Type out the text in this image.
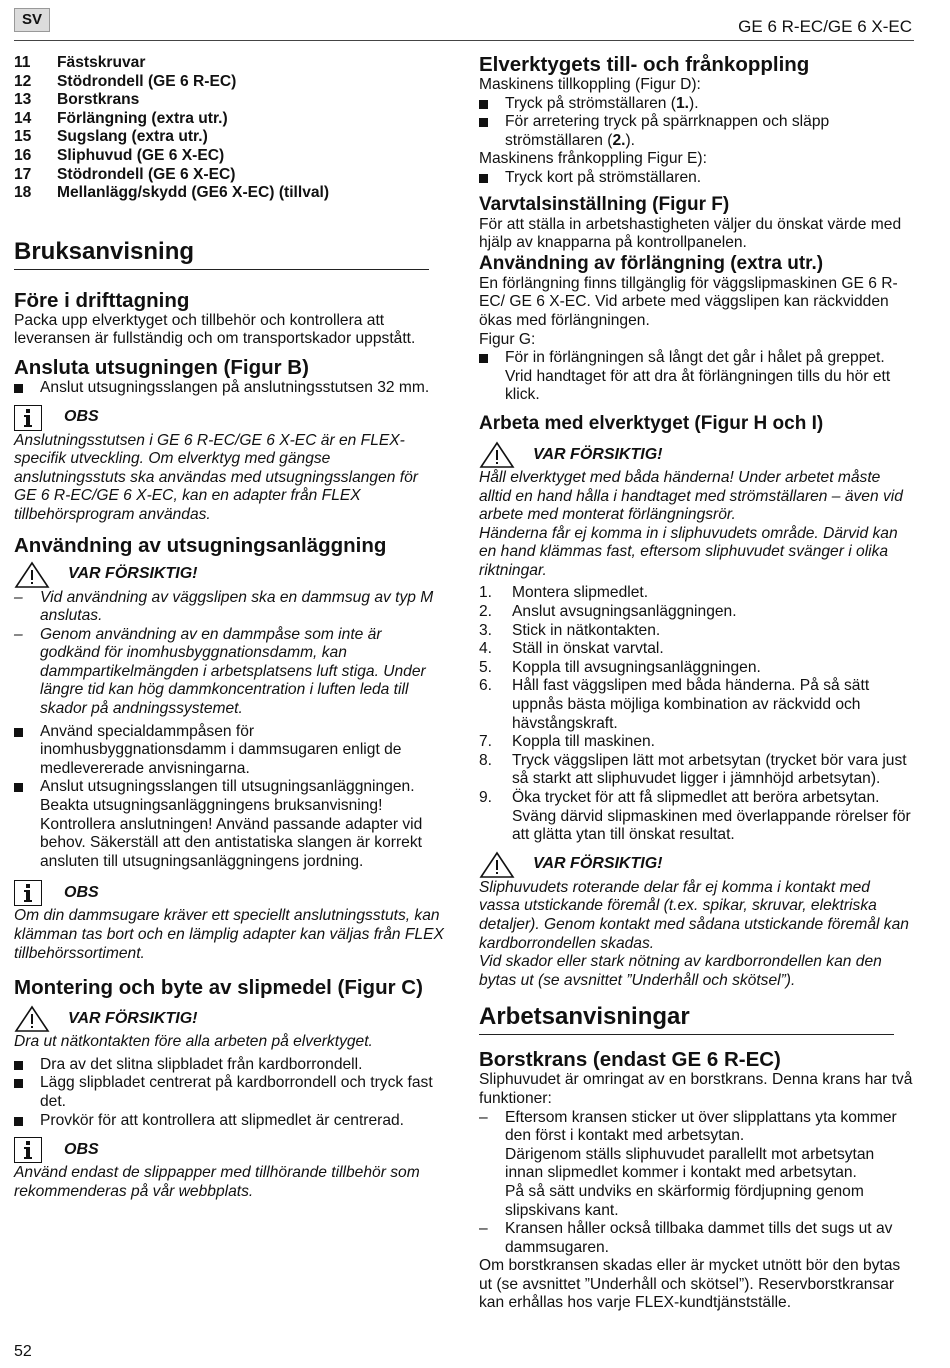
SV	GE 6 R-EC/GE 6 X-EC
11	Fästskruvar
12	Stödrondell (GE 6 R-EC)
13	Borstkrans
14	Förlängning (extra utr.)
15	Sugslang (extra utr.)
16	Sliphuvud (GE 6 X-EC)
17	Stödrondell (GE 6 X-EC)
18	Mellanlägg/skydd (GE6 X-EC) (tillval)
Bruksanvisning
Före i drifttagning

Packa upp elverktyget och tillbehör och kontrollera att leveransen är fullständig och om transportskador uppstått.

Ansluta utsugningen (Figur B)
Anslut utsugningsslangen på anslutningsstutsen 32 mm.
OBS

Anslutningsstutsen i GE 6 R-EC/GE 6 X-EC är en FLEX-specifik utveckling. Om elverktyg med gängse anslutningsstuts ska användas med utsugningsslangen för GE 6 R-EC/GE 6 X-EC, kan en adapter från FLEX tillbehörsprogram användas.

Användning av utsugningsanläggning
VAR FÖRSIKTIG!
–
Vid användning av väggslipen ska en dammsug av typ M anslutas.
–
Genom användning av en dammpåse som inte är godkänd för inomhusbyggnationsdamm, kan dammpartikelmängden i arbetsplatsens luft stiga. Under längre tid kan hög dammkoncentration i luften leda till skador på andningssystemet.
Använd specialdammpåsen för inomhusbyggnationsdamm i dammsugaren enligt de medlevererade anvisningarna.
Anslut utsugningsslangen till utsugningsanläggningen. Beakta utsugningsanläggningens bruksanvisning! Kontrollera anslutningen! Använd passande adapter vid behov. Säkerställ att den antistatiska slangen är korrekt ansluten till utsugningsanläggningens jordning.
OBS

Om din dammsugare kräver ett speciellt anslutningsstuts, kan klämman tas bort och en lämplig adapter kan väljas från FLEX tillbehörssortiment.

Montering och byte av slipmedel (Figur C)
VAR FÖRSIKTIG!

Dra ut nätkontakten före alla arbeten på elverktyget.

Dra av det slitna slipbladet från kardborrondell.
Lägg slipbladet centrerat på kardborrondell och tryck fast det.
Provkör för att kontrollera att slipmedlet är centrerad.
OBS

Använd endast de slippapper med tillhörande tillbehör som rekommenderas på vår webbplats.

Elverktygets till- och frånkoppling

Maskinens tillkoppling (Figur D):

Tryck på strömställaren (1.).
För arretering tryck på spärrknappen och släpp strömställaren (2.).

Maskinens frånkoppling Figur E):

Tryck kort på strömställaren.
Varvtalsinställning (Figur F)

För att ställa in arbetshastigheten väljer du önskat värde med hjälp av knapparna på kontrollpanelen.

Användning av förlängning (extra utr.)

En förlängning finns tillgänglig för väggslipmaskinen GE 6 R-EC/ GE 6 X-EC. Vid arbete med väggslipen kan räckvidden ökas med förlängningen.

Figur G:

För in förlängningen så långt det går i hålet på greppet. Vrid handtaget för att dra åt förlängningen tills du hör ett klick.
Arbeta med elverktyget (Figur H och I)
VAR FÖRSIKTIG!

Håll elverktyget med båda händerna! Under arbetet måste alltid en hand hålla i handtaget med strömställaren – även vid arbete med monterat förlängningsrör.

Händerna får ej komma in i sliphuvudets område. Därvid kan en hand klämmas fast, eftersom sliphuvudet svänger i olika riktningar.

1.	Montera slipmedlet.
2.	Anslut avsugningsanläggningen.
3.	Stick in nätkontakten.
4.	Ställ in önskat varvtal.
5.	Koppla till avsugningsanläggningen.
6.	Håll fast väggslipen med båda händerna. På så sätt uppnås bästa möjliga kombination av räckvidd och hävstångskraft.
7.	Koppla till maskinen.
8.	Tryck väggslipen lätt mot arbetsytan (trycket bör vara just så starkt att sliphuvudet ligger i jämnhöjd arbetsytan).
9.	Öka trycket för att få slipmedlet att beröra arbetsytan. Sväng därvid slipmaskinen med överlappande rörelser för att glätta ytan till önskat resultat.
VAR FÖRSIKTIG!

Sliphuvudets roterande delar får ej komma i kontakt med vassa utstickande föremål (t.ex. spikar, skruvar, elektriska detaljer). Genom kontakt med sådana utstickande föremål kan kardborrondellen skadas.

Vid skador eller stark nötning av kardborrondellen kan den bytas ut (se avsnittet ”Underhåll och skötsel”).

Arbetsanvisningar
Borstkrans (endast GE 6 R-EC)

Sliphuvudet är omringat av en borstkrans. Denna krans har två funktioner:

–
Eftersom kransen sticker ut över slipplattans yta kommer den först i kontakt med arbetsytan.
Därigenom ställs sliphuvudet parallellt mot arbetsytan innan slipmedlet kommer i kontakt med arbetsytan.
På så sätt undviks en skärformig fördjupning genom slipskivans kant.
–
Kransen håller också tillbaka dammet tills det sugs ut av dammsugaren.

Om borstkransen skadas eller är mycket utnött bör den bytas ut (se avsnittet ”Underhåll och skötsel”). Reservborstkransar kan erhållas hos varje FLEX-kundtjänstställe.

52
